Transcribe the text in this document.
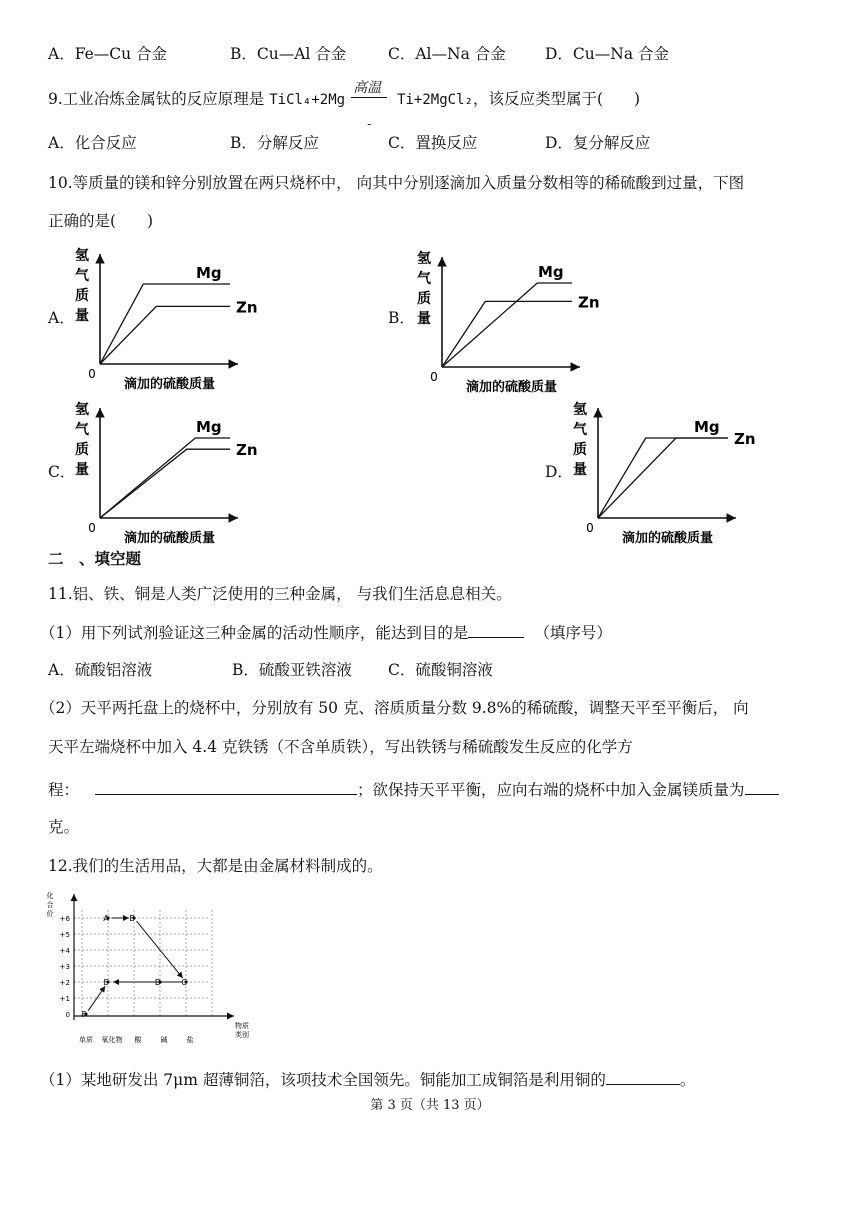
A．Fe—Cu 合金	B．Cu—Al 合金	C．Al—Na 合金	D．Cu—Na 合金
9.工业冶炼金属钛的反应原理是 TiCl₄+2Mg
高温
-
Ti+2MgCl₂，该反应类型属于(　　)
A．化合反应	B．分解反应	C．置换反应	D．复分解反应
10.等质量的镁和锌分别放置在两只烧杯中， 向其中分别逐滴加入质量分数相等的稀硫酸到过量，下图
正确的是(　　)
A．	B．
C．	D．
0
氢
气
质
量
滴加的硫酸质量
Mg
Zn
0
氢
气
质
量
滴加的硫酸质量
Mg
Zn
0
氢
气
质
量
滴加的硫酸质量
Mg
Zn
0
氢
气
质
量
滴加的硫酸质量
Mg
Zn
二　、填空题
11.铝、铁、铜是人类广泛使用的三种金属， 与我们生活息息相关。
（1）用下列试剂验证这三种金属的活动性顺序，能达到目的是	（填序号）
A．硫酸铝溶液	B．硫酸亚铁溶液 C．硫酸铜溶液
（2）天平两托盘上的烧杯中，分别放有 50 克、溶质质量分数 9.8%的稀硫酸，调整天平至平衡后， 向
天平左端烧杯中加入 4.4 克铁锈（不含单质铁），写出铁锈与稀硫酸发生反应的化学方
程：	；欲保持天平平衡，应向右端的烧杯中加入金属镁质量为
克。
12.我们的生活用品，大都是由金属材料制成的。
0
+1
+2
+3
+4
+5
+6
单质 氧化物 酸	碱	盐
化
合
价
物质
类别
A	B
C
D
E
F
（1）某地研发出 7μm 超薄铜箔，该项技术全国领先。铜能加工成铜箔是利用铜的	。
第 3 页（共 13 页）
